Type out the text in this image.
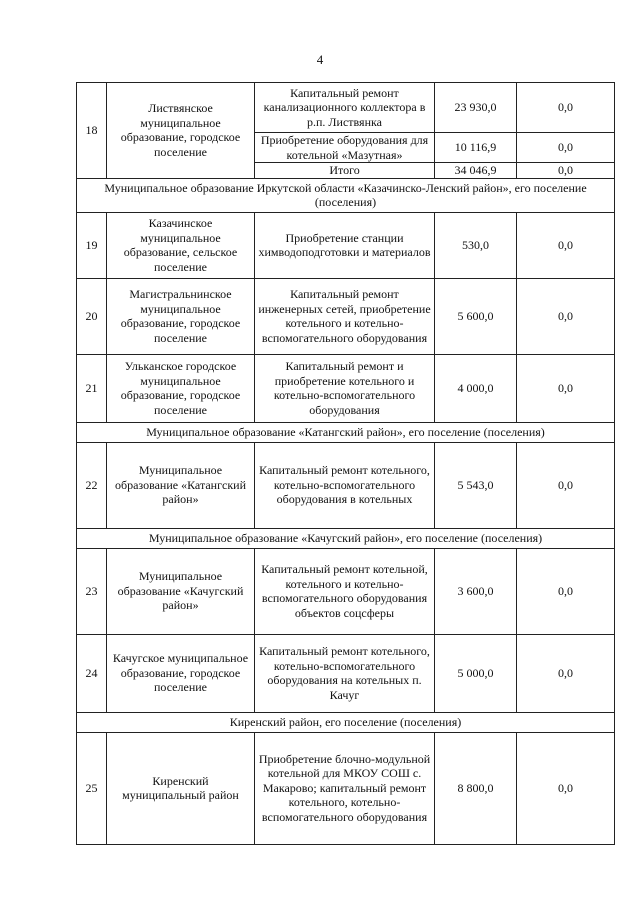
4
18	Листвянское муниципальное образование, городское поселение	Капитальный ремонт канализационного коллектора в р.п. Листвянка	23 930,0	0,0
		Приобретение оборудования для котельной «Мазутная»	10 116,9	0,0
		Итого	34 046,9	0,0
Муниципальное образование Иркутской области «Казачинско-Ленский район», его поселение (поселения)				
19	Казачинское муниципальное образование, сельское поселение	Приобретение станции химводоподготовки и материалов	530,0	0,0
20	Магистральнинское муниципальное образование, городское поселение	Капитальный ремонт инженерных сетей, приобретение котельного и котельно-вспомогательного оборудования	5 600,0	0,0
21	Ульканское городское муниципальное образование, городское поселение	Капитальный ремонт и приобретение котельного и котельно-вспомогательного оборудования	4 000,0	0,0
Муниципальное образование «Катангский район», его поселение (поселения)				
22	Муниципальное образование «Катангский район»	Капитальный ремонт котельного, котельно-вспомогательного оборудования в котельных	5 543,0	0,0
Муниципальное образование «Качугский район», его поселение (поселения)				
23	Муниципальное образование «Качугский район»	Капитальный ремонт котельной, котельного и котельно-вспомогательного оборудования объектов соцсферы	3 600,0	0,0
24	Качугское муниципальное образование, городское поселение	Капитальный ремонт котельного, котельно-вспомогательного оборудования на котельных п. Качуг	5 000,0	0,0
Киренский район, его поселение (поселения)				
25	Киренский муниципальный район	Приобретение блочно-модульной котельной для МКОУ СОШ с. Макарово; капитальный ремонт котельного, котельно-вспомогательного оборудования	8 800,0	0,0
